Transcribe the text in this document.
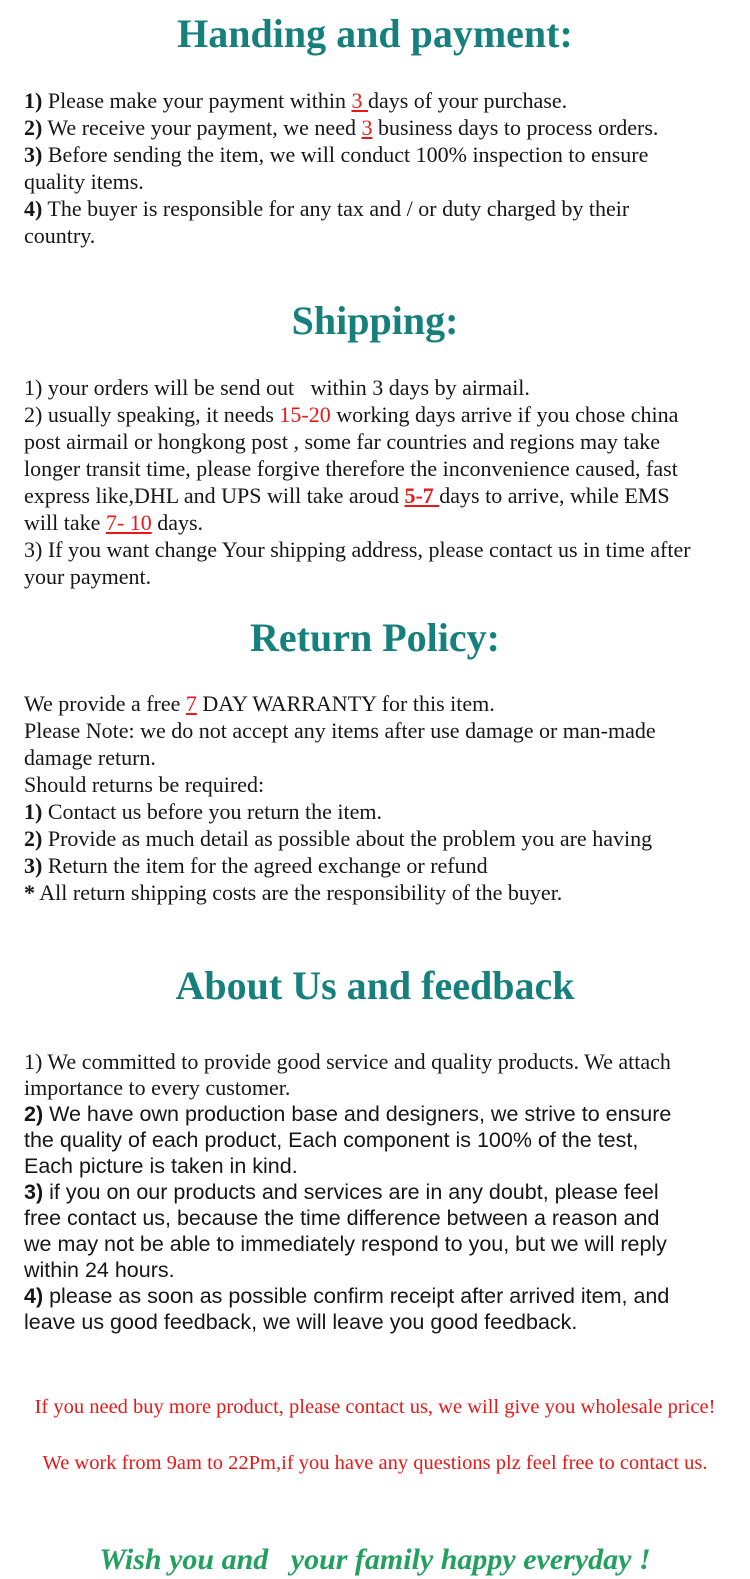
Handing and payment:
1) Please make your payment within 3 days of your purchase.
2) We receive your payment, we need 3 business days to process orders.
3) Before sending the item, we will conduct 100% inspection to ensure
quality items.
4) The buyer is responsible for any tax and / or duty charged by their
country.
Shipping:
1) your orders will be send out   within 3 days by airmail.
2) usually speaking, it needs 15-20 working days arrive if you chose china
post airmail or hongkong post , some far countries and regions may take
longer transit time, please forgive therefore the inconvenience caused, fast
express like,DHL and UPS will take aroud 5-7 days to arrive, while EMS
will take 7- 10 days.
3) If you want change Your shipping address, please contact us in time after
your payment.
Return Policy:
We provide a free 7 DAY WARRANTY for this item.
Please Note: we do not accept any items after use damage or man-made
damage return.
Should returns be required:
1) Contact us before you return the item.
2) Provide as much detail as possible about the problem you are having
3) Return the item for the agreed exchange or refund
* All return shipping costs are the responsibility of the buyer.
About Us and feedback
1) We committed to provide good service and quality products. We attach
importance to every customer.
2) We have own production base and designers, we strive to ensure
the quality of each product, Each component is 100% of the test,
Each picture is taken in kind.
3) if you on our products and services are in any doubt, please feel
free contact us, because the time difference between a reason and
we may not be able to immediately respond to you, but we will reply
within 24 hours.
4) please as soon as possible confirm receipt after arrived item, and
leave us good feedback, we will leave you good feedback.
If you need buy more product, please contact us, we will give you wholesale price!
We work from 9am to 22Pm,if you have any questions plz feel free to contact us.
Wish you and   your family happy everyday !
